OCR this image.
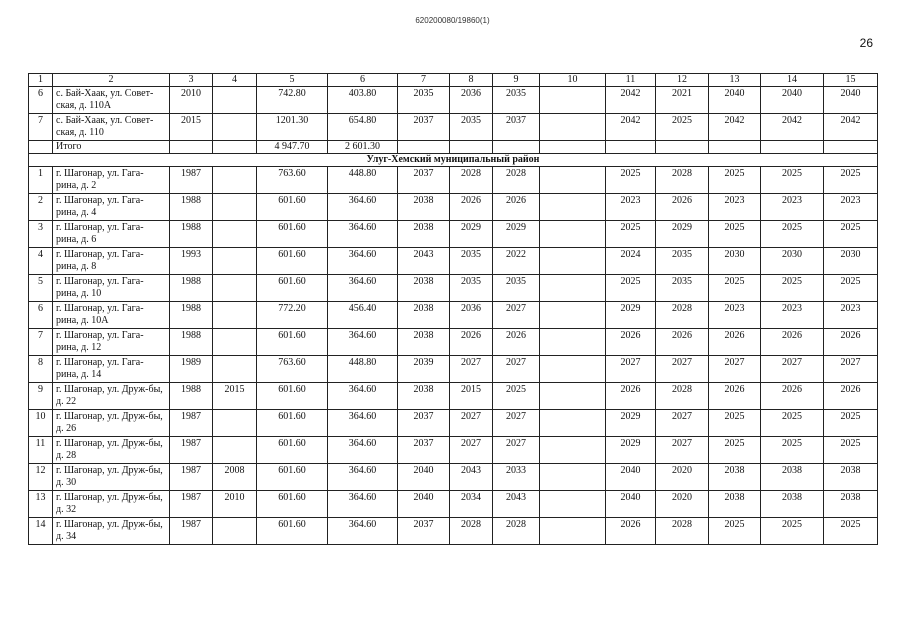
620200080/19860(1)
26
1	2	3	4	5	6	7	8	9	10	11	12	13	14	15
6	с. Бай-Хаак, ул. Совет-ская, д. 110А	2010		742.80	403.80	2035	2036	2035		2042	2021	2040	2040	2040
7	с. Бай-Хаак, ул. Совет-ская, д. 110	2015		1201.30	654.80	2037	2035	2037		2042	2025	2042	2042	2042
	Итого			4 947.70	2 601.30									
Улуг-Хемский муниципальный район														
1	г. Шагонар, ул. Гага-рина, д. 2	1987		763.60	448.80	2037	2028	2028		2025	2028	2025	2025	2025
2	г. Шагонар, ул. Гага-рина, д. 4	1988		601.60	364.60	2038	2026	2026		2023	2026	2023	2023	2023
3	г. Шагонар, ул. Гага-рина, д. 6	1988		601.60	364.60	2038	2029	2029		2025	2029	2025	2025	2025
4	г. Шагонар, ул. Гага-рина, д. 8	1993		601.60	364.60	2043	2035	2022		2024	2035	2030	2030	2030
5	г. Шагонар, ул. Гага-рина, д. 10	1988		601.60	364.60	2038	2035	2035		2025	2035	2025	2025	2025
6	г. Шагонар, ул. Гага-рина, д. 10А	1988		772.20	456.40	2038	2036	2027		2029	2028	2023	2023	2023
7	г. Шагонар, ул. Гага-рина, д. 12	1988		601.60	364.60	2038	2026	2026		2026	2026	2026	2026	2026
8	г. Шагонар, ул. Гага-рина, д. 14	1989		763.60	448.80	2039	2027	2027		2027	2027	2027	2027	2027
9	г. Шагонар, ул. Друж-бы, д. 22	1988	2015	601.60	364.60	2038	2015	2025		2026	2028	2026	2026	2026
10	г. Шагонар, ул. Друж-бы, д. 26	1987		601.60	364.60	2037	2027	2027		2029	2027	2025	2025	2025
11	г. Шагонар, ул. Друж-бы, д. 28	1987		601.60	364.60	2037	2027	2027		2029	2027	2025	2025	2025
12	г. Шагонар, ул. Друж-бы, д. 30	1987	2008	601.60	364.60	2040	2043	2033		2040	2020	2038	2038	2038
13	г. Шагонар, ул. Друж-бы, д. 32	1987	2010	601.60	364.60	2040	2034	2043		2040	2020	2038	2038	2038
14	г. Шагонар, ул. Друж-бы, д. 34	1987		601.60	364.60	2037	2028	2028		2026	2028	2025	2025	2025
